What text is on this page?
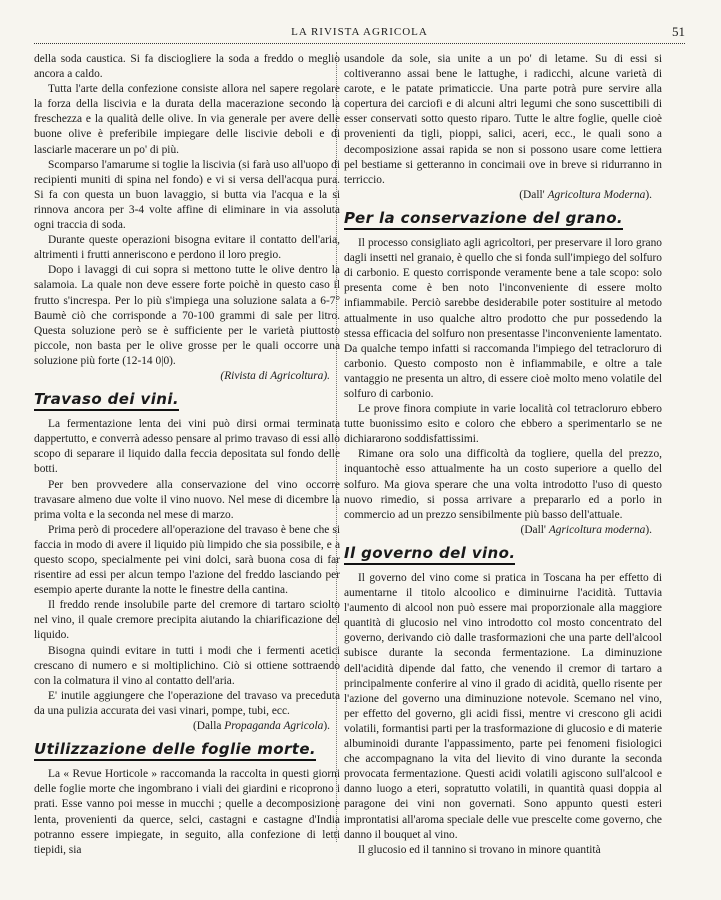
LA RIVISTA AGRICOLA	51

della soda caustica. Si fa disciogliere la soda a freddo o meglio ancora a caldo.

Tutta l'arte della confezione consiste allora nel sapere regolare la forza della liscivia e la durata della macerazione secondo la freschezza e la qualità delle olive. In via generale per avere delle buone olive è preferibile impiegare delle liscivie deboli e di lasciarle macerare un po' di più.

Scomparso l'amarume si toglie la liscivia (si farà uso all'uopo di recipienti muniti di spina nel fondo) e vi si versa dell'acqua pura. Si fa con questa un buon lavaggio, si butta via l'acqua e la si rinnova ancora per 3-4 volte affine di eliminare in via assoluta ogni traccia di soda.

Durante queste operazioni bisogna evitare il contatto dell'aria, altrimenti i frutti anneriscono e perdono il loro pregio.

Dopo i lavaggi di cui sopra si mettono tutte le olive dentro la salamoia. La quale non deve essere forte poichè in questo caso il frutto s'increspa. Per lo più s'impiega una soluzione salata a 6-7° Baumè ciò che corrisponde a 70-100 grammi di sale per litro. Questa soluzione però se è sufficiente per le varietà piuttosto piccole, non basta per le olive grosse per le quali occorre una soluzione più forte (12-14 0|0).

(Rivista di Agricoltura).

Travaso dei vini.

La fermentazione lenta dei vini può dirsi ormai terminata dappertutto, e converrà adesso pensare al primo travaso di essi allo scopo di separare il liquido dalla feccia depositata sul fondo delle botti.

Per ben provvedere alla conservazione del vino occorre travasare almeno due volte il vino nuovo. Nel mese di dicembre la prima volta e la seconda nel mese di marzo.

Prima però di procedere all'operazione del travaso è bene che si faccia in modo di avere il liquido più limpido che sia possibile, e a questo scopo, specialmente pei vini dolci, sarà buona cosa di far risentire ad essi per alcun tempo l'azione del freddo lasciando per esempio aperte durante la notte le finestre della cantina.

Il freddo rende insolubile parte del cremore di tartaro sciolto nel vino, il quale cremore precipita aiutando la chiarificazione del liquido.

Bisogna quindi evitare in tutti i modi che i fermenti acetici crescano di numero e si moltiplichino. Ciò si ottiene sottraendo con la colmatura il vino al contatto dell'aria.

E' inutile aggiungere che l'operazione del travaso va preceduta da una pulizia accurata dei vasi vinari, pompe, tubi, ecc.

(Dalla Propaganda Agricola).

Utilizzazione delle foglie morte.

La « Revue Horticole » raccomanda la raccolta in questi giorni delle foglie morte che ingombrano i viali dei giardini e ricoprono i prati. Esse vanno poi messe in mucchi ; quelle a decomposizione lenta, provenienti da querce, selci, castagni e castagne d'India potranno essere impiegate, in seguito, alla confezione di letti tiepidi, sia

usandole da sole, sia unite a un po' di letame. Su di essi si coltiveranno assai bene le lattughe, i radicchi, alcune varietà di carote, e le patate primaticcie. Una parte potrà pure servire alla copertura dei carciofi e di alcuni altri legumi che sono suscettibili di esser conservati sotto questo riparo. Tutte le altre foglie, quelle cioè provenienti da tigli, pioppi, salici, aceri, ecc., le quali sono a decomposizione assai rapida se non si possono usare come lettiera pel bestiame si getteranno in concimaii ove in breve si ridurranno in terriccio.

(Dall' Agricoltura Moderna).

Per la conservazione del grano.

Il processo consigliato agli agricoltori, per preservare il loro grano dagli insetti nel granaio, è quello che si fonda sull'impiego del solfuro di carbonio. E questo corrisponde veramente bene a tale scopo: solo presenta come è ben noto l'inconveniente di essere molto infiammabile. Perciò sarebbe desiderabile poter sostituire al metodo attualmente in uso qualche altro prodotto che pur possedendo la stessa efficacia del solfuro non presentasse l'inconveniente lamentato. Da qualche tempo infatti si raccomanda l'impiego del tetracloruro di carbonio. Questo composto non è infiammabile, e oltre a tale vantaggio ne presenta un altro, di essere cioè molto meno volatile del solfuro di carbonio.

Le prove finora compiute in varie località col tetracloruro ebbero tutte buonissimo esito e coloro che ebbero a sperimentarlo se ne dichiararono soddisfattissimi.

Rimane ora solo una difficoltà da togliere, quella del prezzo, inquantochè esso attualmente ha un costo superiore a quello del solfuro. Ma giova sperare che una volta introdotto l'uso di questo nuovo rimedio, si possa arrivare a prepararlo ed a porlo in commercio ad un prezzo sensibilmente più basso dell'attuale.

(Dall' Agricoltura moderna).

Il governo del vino.

Il governo del vino come si pratica in Toscana ha per effetto di aumentarne il titolo alcoolico e diminuirne l'acidità. Tuttavia l'aumento di alcool non può essere mai proporzionale alla maggiore quantità di glucosio nel vino introdotto col mosto concentrato del governo, derivando ciò dalle trasformazioni che una parte dell'alcool subisce durante la seconda fermentazione. La diminuzione dell'acidità dipende dal fatto, che venendo il cremor di tartaro a principalmente conferire al vino il grado di acidità, quello risente per l'azione del governo una diminuzione notevole. Scemano nel vino, per effetto del governo, gli acidi fissi, mentre vi crescono gli acidi volatili, formantisi parti per la trasformazione di glucosio e di materie albuminoidi durante l'appassimento, parte pei fenomeni fisiologici che accompagnano la vita del lievito di vino durante la seconda provocata fermentazione. Questi acidi volatili agiscono sull'alcool e danno luogo a eteri, sopratutto volatili, in quantità quasi doppia al paragone dei vini non governati. Sono appunto questi esteri improntatisi all'aroma speciale delle vue prescelte come governo, che danno il bouquet al vino.

Il glucosio ed il tannino si trovano in minore quantità
